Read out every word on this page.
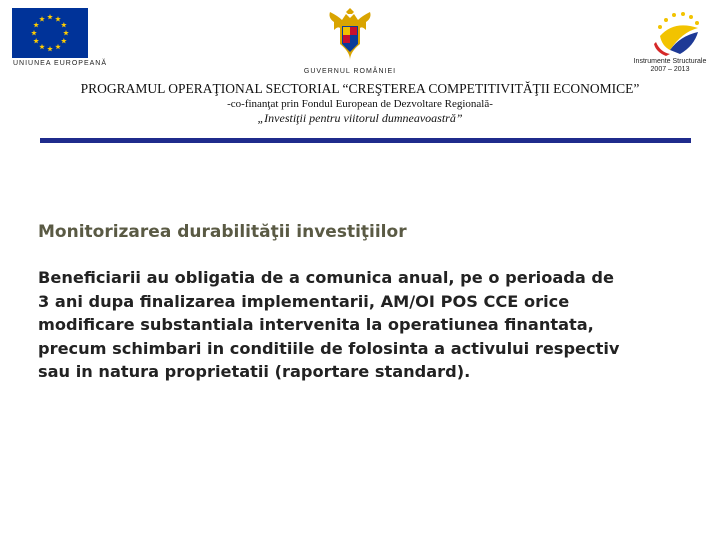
UNIUNEA EUROPEANĂ
GUVERNUL ROMÂNIEI
Instrumente Structurale
2007 – 2013
PROGRAMUL OPERAŢIONAL SECTORIAL “CREŞTEREA COMPETITIVITĂŢII ECONOMICE”
-co-finanţat prin Fondul European de Dezvoltare Regională-
„Investiţii pentru viitorul dumneavoastră”
Monitorizarea durabilităţii investiţiilor
Beneficiarii au obligatia de a comunica anual, pe o perioada de
3 ani dupa finalizarea implementarii, AM/OI POS CCE orice
modificare substantiala intervenita la operatiunea finantata,
precum schimbari in conditiile de folosinta a activului respectiv
sau in natura proprietatii (raportare standard).
